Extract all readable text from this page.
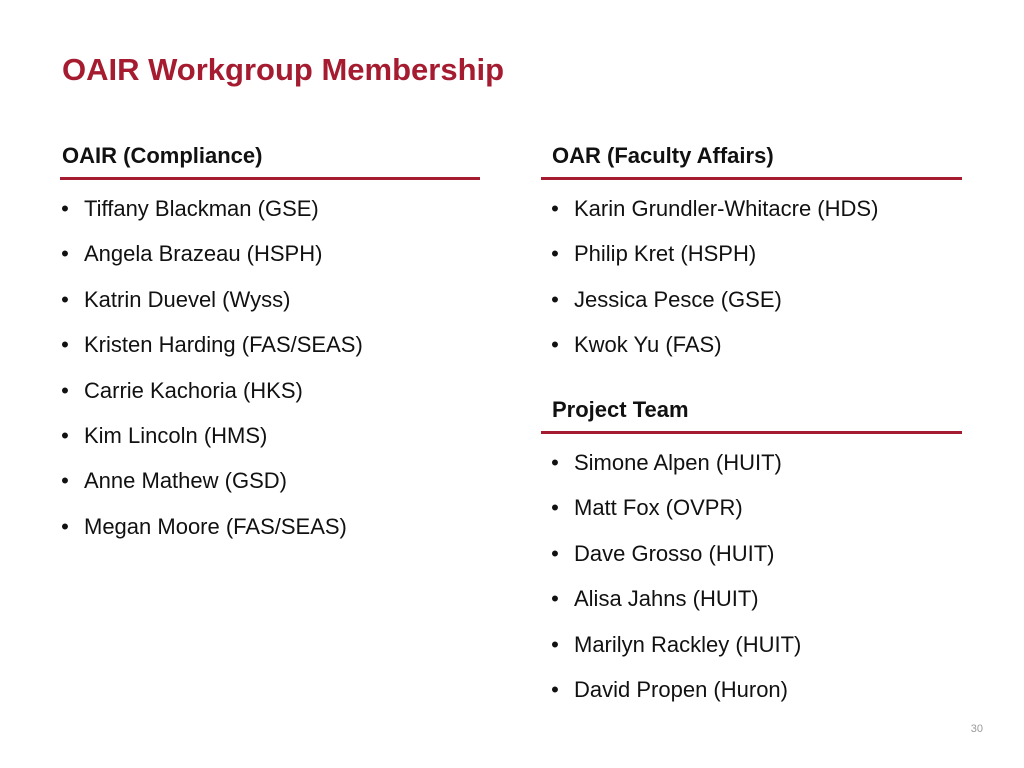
OAIR Workgroup Membership
OAIR (Compliance)
• Tiffany Blackman (GSE)
• Angela Brazeau (HSPH)
• Katrin Duevel (Wyss)
• Kristen Harding (FAS/SEAS)
• Carrie Kachoria (HKS)
• Kim Lincoln (HMS)
• Anne Mathew (GSD)
• Megan Moore (FAS/SEAS)
OAR (Faculty Affairs)
• Karin Grundler-Whitacre (HDS)
• Philip Kret (HSPH)
• Jessica Pesce (GSE)
• Kwok Yu (FAS)
Project Team
• Simone Alpen (HUIT)
• Matt Fox (OVPR)
• Dave Grosso (HUIT)
• Alisa Jahns (HUIT)
• Marilyn Rackley (HUIT)
• David Propen (Huron)
30
